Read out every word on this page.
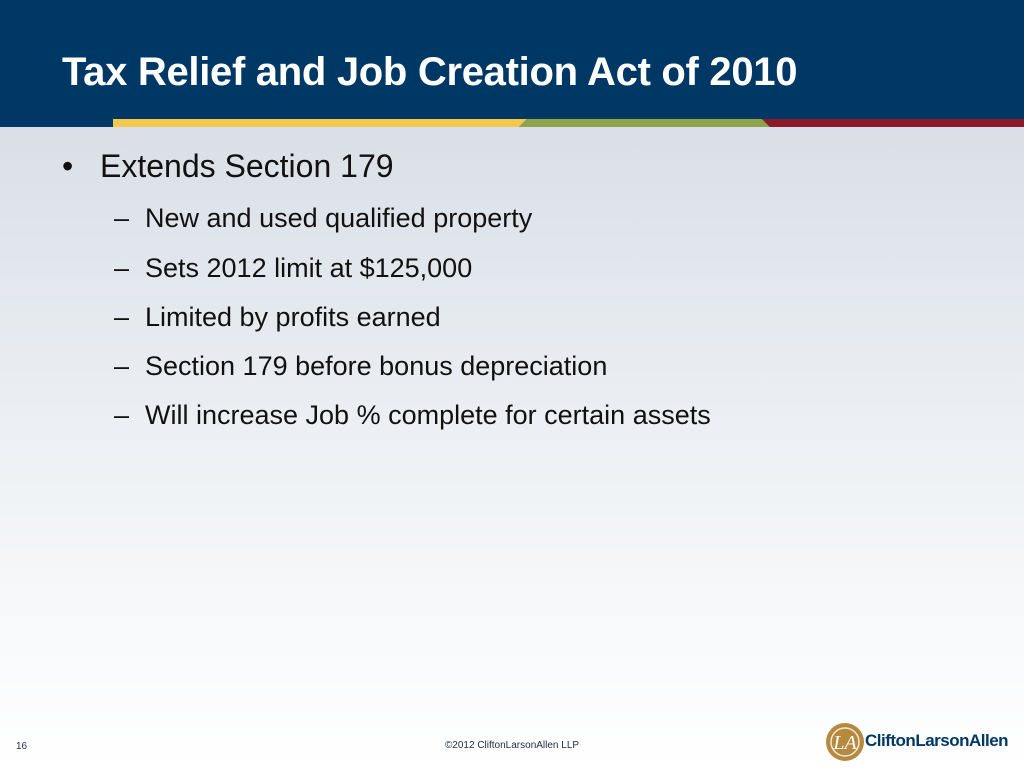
Tax Relief and Job Creation Act of 2010
• Extends Section 179
– New and used qualified property
– Sets 2012 limit at $125,000
– Limited by profits earned
– Section 179 before bonus depreciation
– Will increase Job % complete for certain assets
16	©2012 CliftonLarsonAllen LLP	LA CliftonLarsonAllen
